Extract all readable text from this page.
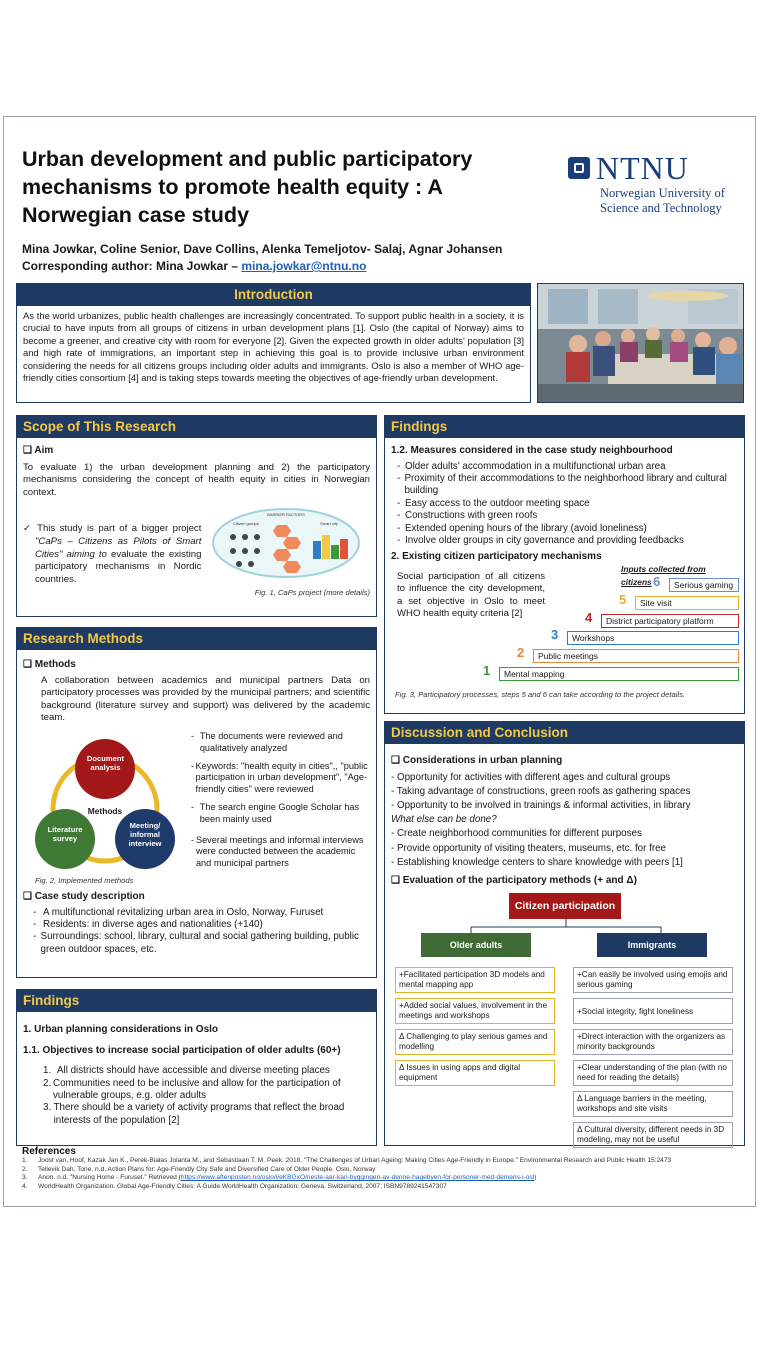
Urban development and public participatory mechanisms to promote health equity : A Norwegian case study
NTNU
Norwegian University of
Science and Technology
Mina Jowkar, Coline Senior, Dave Collins, Alenka Temeljotov- Salaj, Agnar Johansen
Corresponding author: Mina Jowkar – mina.jowkar@ntnu.no
Introduction
As the world urbanizes, public health challenges are increasingly concentrated. To support public health in a society, it is crucial to have inputs from all groups of citizens in urban development plans [1]. Oslo (the capital of Norway) aims to become a greener, and creative city with room for everyone [2]. Given the expected growth in older adults' population [3] and high rate of immigrations, an important step in achieving this goal is to provide inclusive urban environment considering the needs for all citizens groups including older adults and immigrants. Oslo is also a member of WHO age-friendly cities consortium [4] and is taking steps towards meeting the objectives of age-friendly urban development.
Scope of This Research
❑ Aim
To evaluate 1) the urban development planning and 2) the participatory mechanisms considering the concept of health equity in cities in Norwegian context.
✓ This study is part of a bigger project "CaPs – Citizens as Pilots of Smart Cities" aiming to evaluate the existing participatory mechanisms in Nordic countries.
BARRIER FACTORS
Citizen groups	Smart city
Fig. 1, CaPs project (more details)
Research Methods
❑ Methods
A collaboration between academics and municipal partners Data on participatory processes was provided by the municipal partners; and scientific background (literature survey and support) was delivered by the academic team.
Document analysis
Methods
Literature survey
Meeting/ informal interview
Fig. 2, Implemented methods
- The documents were reviewed and qualitatively analyzed
- Keywords: "health equity in cities",, "public participation in urban development", "Age-friendly cities" were reviewed
- The search engine Google Scholar has been mainly used
- Several meetings and informal interviews were conducted between the academic and municipal partners
❑ Case study description
- A multifunctional revitalizing urban area in Oslo, Norway, Furuset
- Residents: in diverse ages and nationalities (+140)
- Surroundings: school, library, cultural and social gathering building, public green outdoor spaces, etc.
Findings
1. Urban planning considerations in Oslo
1.1. Objectives to increase social participation of older adults (60+)
1. All districts should have accessible and diverse meeting places
2. Communities need to be inclusive and allow for the participation of vulnerable groups, e.g. older adults
3. There should be a variety of activity programs that reflect the broad interests of the population [2]
Findings
1.2. Measures considered in the case study neighbourhood
- Older adults' accommodation in a multifunctional urban area
- Proximity of their accommodations to the neighborhood library and cultural building
- Easy access to the outdoor meeting space
- Constructions with green roofs
- Extended opening hours of the library (avoid loneliness)
- Involve older groups in city governance and providing feedbacks
2. Existing citizen participatory mechanisms
Social participation of all citizens to influence the city development, a set objective in Oslo to meet WHO health equity criteria [2]
Inputs collected from citizens
1	Mental mapping
2	Public meetings
3	Workshops
4	District participatory platform
5	Site visit
6	Serious gaming
Fig. 3, Participatory processes, steps 5 and 6 can take according to the project details.
Discussion and Conclusion
❑ Considerations in urban planning
- Opportunity for activities with different ages and cultural groups
- Taking advantage of constructions, green roofs as gathering spaces
- Opportunity to be involved in trainings & informal activities, in library
What else can be done?
- Create neighborhood communities for different purposes
- Provide opportunity of visiting theaters, museums, etc. for free
- Establishing knowledge centers to share knowledge with peers [1]
❑ Evaluation of the participatory methods (+ and Δ)
Citizen participation
Older adults	Immigrants
+Facilitated participation 3D models and mental mapping app
+Added social values, involvement in the meetings and workshops
Δ Challenging to play serious games and modelling
Δ Issues in using apps and digital equipment
+Can easily be involved using emojis and serious gaming
+Social integrity, fight loneliness
+Direct interaction with the organizers as minority backgrounds
+Clear understanding of the plan (with no need for reading the details)
Δ Language barriers in the meeting, workshops and site visits
Δ Cultural diversity, different needs in 3D modeling, may not be useful
References
1. Joost van, Hoof, Kazak Jan K., Perek-Białas Jolanta M., and Sebastiaan T. M. Peek. 2018. "The Challenges of Urban Ageing: Making Cities Age-Friendly in Europe." Environmental Research and Public Health 15:2473
2. Tellevik Dah, Tone. n.d. Action Plans for: Age-Friendly City Safe and Diversified Care of Older People. Oslo, Norway
3. Anon. n.d. "Nursing Home - Furuset." Retrieved (https://www.aftenposten.no/oslo/i/eKBGxO/neste-aar-kan-byggingen-av-denne-hagebyen-for-personer-med-demens-i-osl)
4. WorldHealth Organization. Global Age-Friendly Cities: A Guide.WorldHealth Organization: Geneva, Switzerland, 2007; ISBN9789241547307
